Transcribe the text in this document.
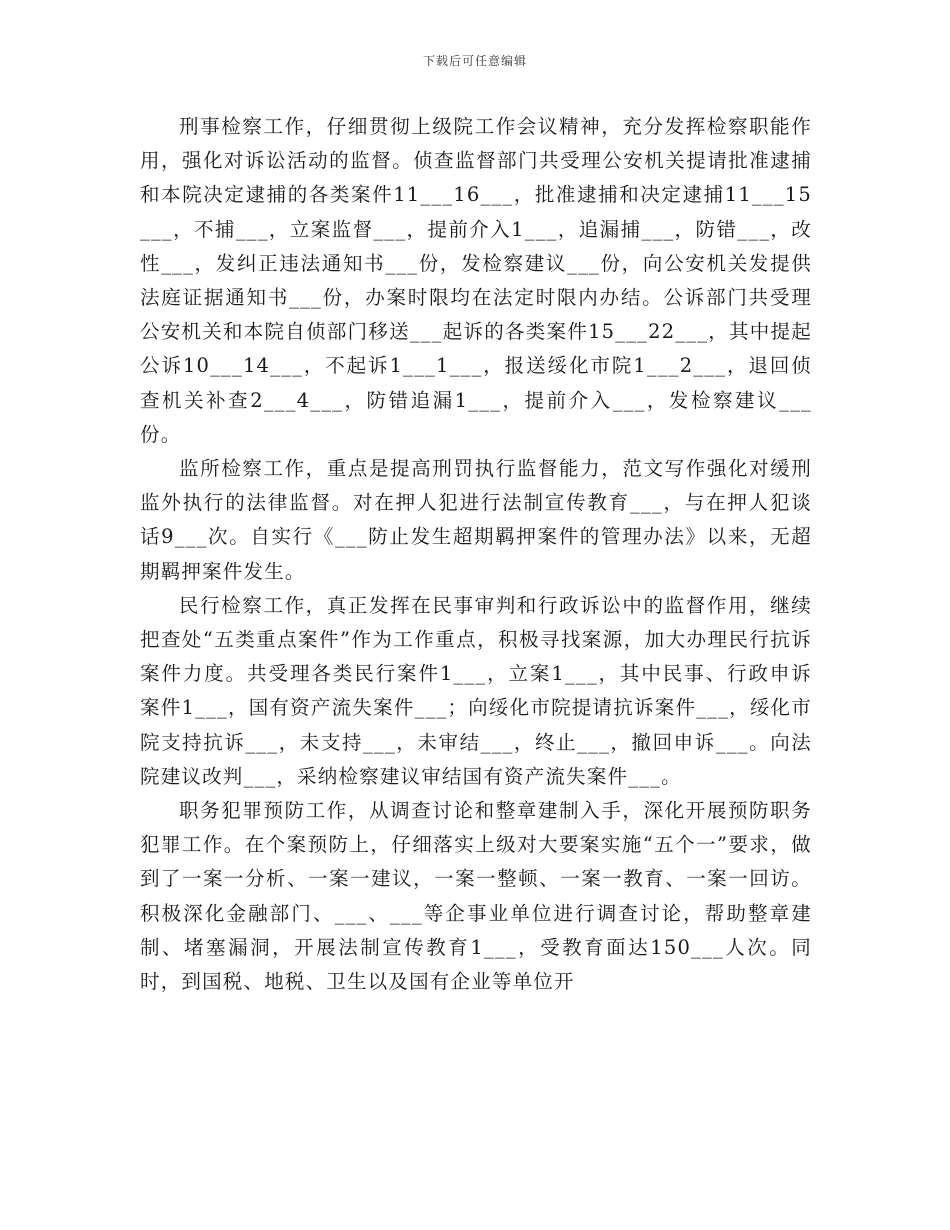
下载后可任意编辑

刑事检察工作，仔细贯彻上级院工作会议精神，充分发挥检察职能作用，强化对诉讼活动的监督。侦查监督部门共受理公安机关提请批准逮捕和本院决定逮捕的各类案件11___16___，批准逮捕和决定逮捕11___15___，不捕___，立案监督___，提前介入1___，追漏捕___，防错___，改性___，发纠正违法通知书___份，发检察建议___份，向公安机关发提供法庭证据通知书___份，办案时限均在法定时限内办结。公诉部门共受理公安机关和本院自侦部门移送___起诉的各类案件15___22___，其中提起公诉10___14___，不起诉1___1___，报送绥化市院1___2___，退回侦查机关补查2___4___，防错追漏1___，提前介入___，发检察建议___份。

监所检察工作，重点是提高刑罚执行监督能力，范文写作强化对缓刑监外执行的法律监督。对在押人犯进行法制宣传教育___，与在押人犯谈话9___次。自实行《___防止发生超期羁押案件的管理办法》以来，无超期羁押案件发生。

民行检察工作，真正发挥在民事审判和行政诉讼中的监督作用，继续把查处“五类重点案件”作为工作重点，积极寻找案源，加大办理民行抗诉案件力度。共受理各类民行案件1___，立案1___，其中民事、行政申诉案件1___，国有资产流失案件___；向绥化市院提请抗诉案件___，绥化市院支持抗诉___，未支持___，未审结___，终止___，撤回申诉___。向法院建议改判___，采纳检察建议审结国有资产流失案件___。

职务犯罪预防工作，从调查讨论和整章建制入手，深化开展预防职务犯罪工作。在个案预防上，仔细落实上级对大要案实施“五个一”要求，做到了一案一分析、一案一建议，一案一整顿、一案一教育、一案一回访。积极深化金融部门、___、___等企事业单位进行调查讨论，帮助整章建制、堵塞漏洞，开展法制宣传教育1___，受教育面达150___人次。同时，到国税、地税、卫生以及国有企业等单位开
